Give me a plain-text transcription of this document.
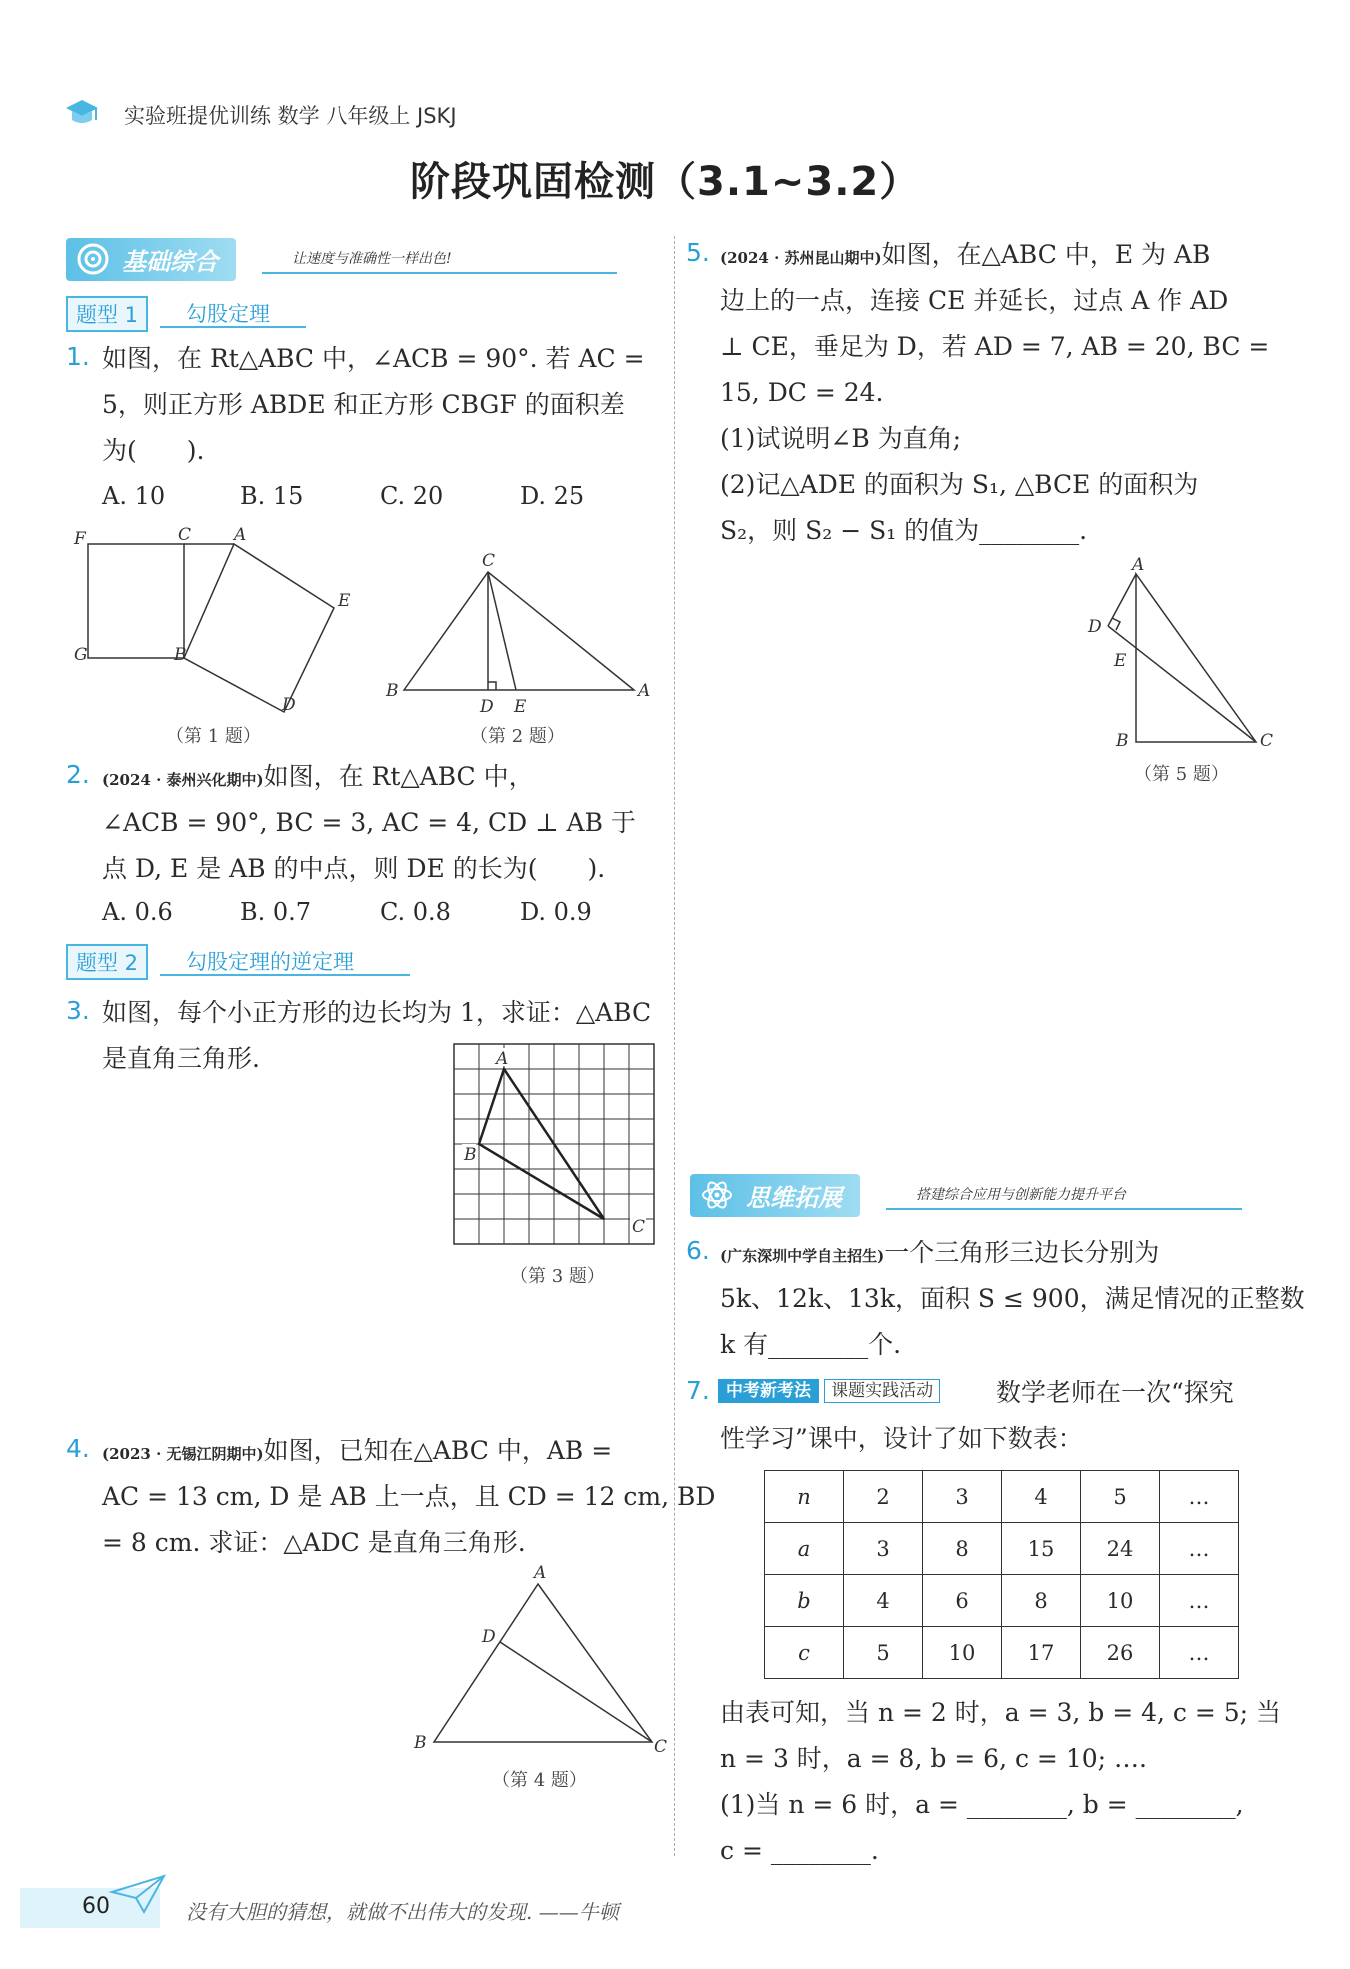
实验班提优训练 数学 八年级上 JSKJ
阶段巩固检测（3.1~3.2）
基础综合	让速度与准确性一样出色!
题型 1	勾股定理
1. 如图，在 Rt△ABC 中，∠ACB = 90°. 若 AC =
5，则正方形 ABDE 和正方形 CBGF 的面积差
为(　　).
A. 10	B. 15	C. 20	D. 25
F	C	A
E
G	B
D
（第 1 题）
C
B
D E
A
（第 2 题）
2. (2024 · 泰州兴化期中)如图，在 Rt△ABC 中，
∠ACB = 90°, BC = 3, AC = 4, CD ⊥ AB 于
点 D, E 是 AB 的中点，则 DE 的长为(　　).
A. 0.6	B. 0.7	C. 0.8	D. 0.9
题型 2	勾股定理的逆定理
3. 如图，每个小正方形的边长均为 1，求证：△ABC
是直角三角形.	A
B
C
（第 3 题）
4. (2023 · 无锡江阴期中)如图，已知在△ABC 中，AB =
AC = 13 cm, D 是 AB 上一点，且 CD = 12 cm, BD
= 8 cm. 求证：△ADC 是直角三角形.
A
D
B	C
（第 4 题）
5. (2024 · 苏州昆山期中)如图，在△ABC 中，E 为 AB
边上的一点，连接 CE 并延长，过点 A 作 AD
⊥ CE，垂足为 D，若 AD = 7, AB = 20, BC =
15, DC = 24.
(1)试说明∠B 为直角;
(2)记△ADE 的面积为 S₁, △BCE 的面积为
S₂，则 S₂ − S₁ 的值为________.
A
D
E
B	C
（第 5 题）
思维拓展	搭建综合应用与创新能力提升平台
6. (广东深圳中学自主招生)一个三角形三边长分别为
5k、12k、13k，面积 S ≤ 900，满足情况的正整数
k 有________个.
7. 中考新考法 课题实践活动	数学老师在一次“探究
性学习”课中，设计了如下数表：
n	2	3	4	5	…
a	3	8	15	24	…
b	4	6	8	10	…
c	5	10	17	26	…
由表可知，当 n = 2 时，a = 3, b = 4, c = 5; 当
n = 3 时，a = 8, b = 6, c = 10; ….
(1)当 n = 6 时，a = ________, b = ________,
c = ________.
60	没有大胆的猜想，就做不出伟大的发现. ——牛顿
